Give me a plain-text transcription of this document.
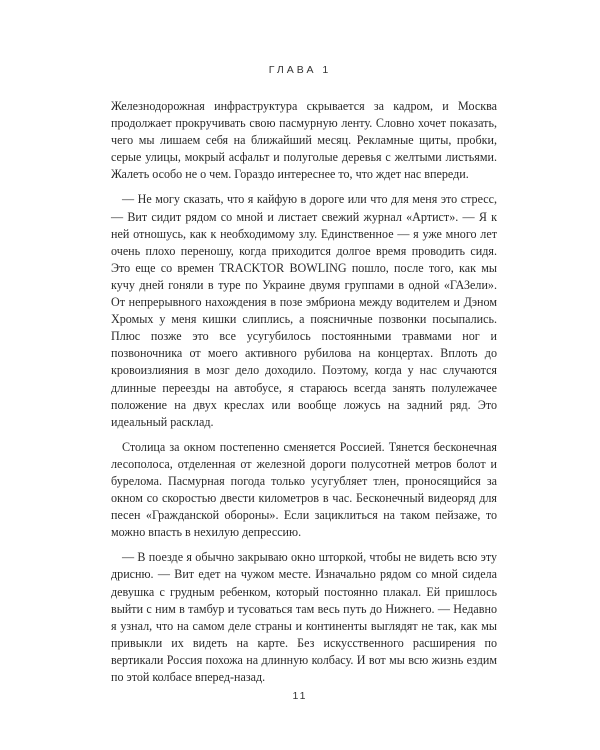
ГЛАВА 1

Железнодорожная инфраструктура скрывается за кадром, и Москва продолжает прокручивать свою пасмурную ленту. Словно хочет показать, чего мы лишаем себя на ближайший месяц. Рекламные щиты, пробки, серые улицы, мокрый асфальт и полуголые деревья с желтыми листьями. Жалеть особо не о чем. Гораздо интереснее то, что ждет нас впереди.

— Не могу сказать, что я кайфую в дороге или что для меня это стресс, — Вит сидит рядом со мной и листает свежий журнал «Артист». — Я к ней отношусь, как к необходимому злу. Единственное — я уже много лет очень плохо переношу, когда приходится долгое время проводить сидя. Это еще со времен TRACKTOR BOWLING пошло, после того, как мы кучу дней гоняли в туре по Украине двумя группами в одной «ГАЗели». От непрерывного нахождения в позе эмбриона между водителем и Дэном Хромых у меня кишки слиплись, а поясничные позвонки посыпались. Плюс позже это все усугубилось постоянными травмами ног и позвоночника от моего активного рубилова на концертах. Вплоть до кровоизлияния в мозг дело доходило. Поэтому, когда у нас случаются длинные переезды на автобусе, я стараюсь всегда занять полулежачее положение на двух креслах или вообще ложусь на задний ряд. Это идеальный расклад.

Столица за окном постепенно сменяется Россией. Тянется бесконечная лесополоса, отделенная от железной дороги полусотней метров болот и бурелома. Пасмурная погода только усугубляет тлен, проносящийся за окном со скоростью двести километров в час. Бесконечный видеоряд для песен «Гражданской обороны». Если зациклиться на таком пейзаже, то можно впасть в нехилую депрессию.

— В поезде я обычно закрываю окно шторкой, чтобы не видеть всю эту дрисню. — Вит едет на чужом месте. Изначально рядом со мной сидела девушка с грудным ребенком, который постоянно плакал. Ей пришлось выйти с ним в тамбур и тусоваться там весь путь до Нижнего. — Недавно я узнал, что на самом деле страны и континенты выглядят не так, как мы привыкли их видеть на карте. Без искусственного расширения по вертикали Россия похожа на длинную колбасу. И вот мы всю жизнь ездим по этой колбасе вперед-назад.

11
